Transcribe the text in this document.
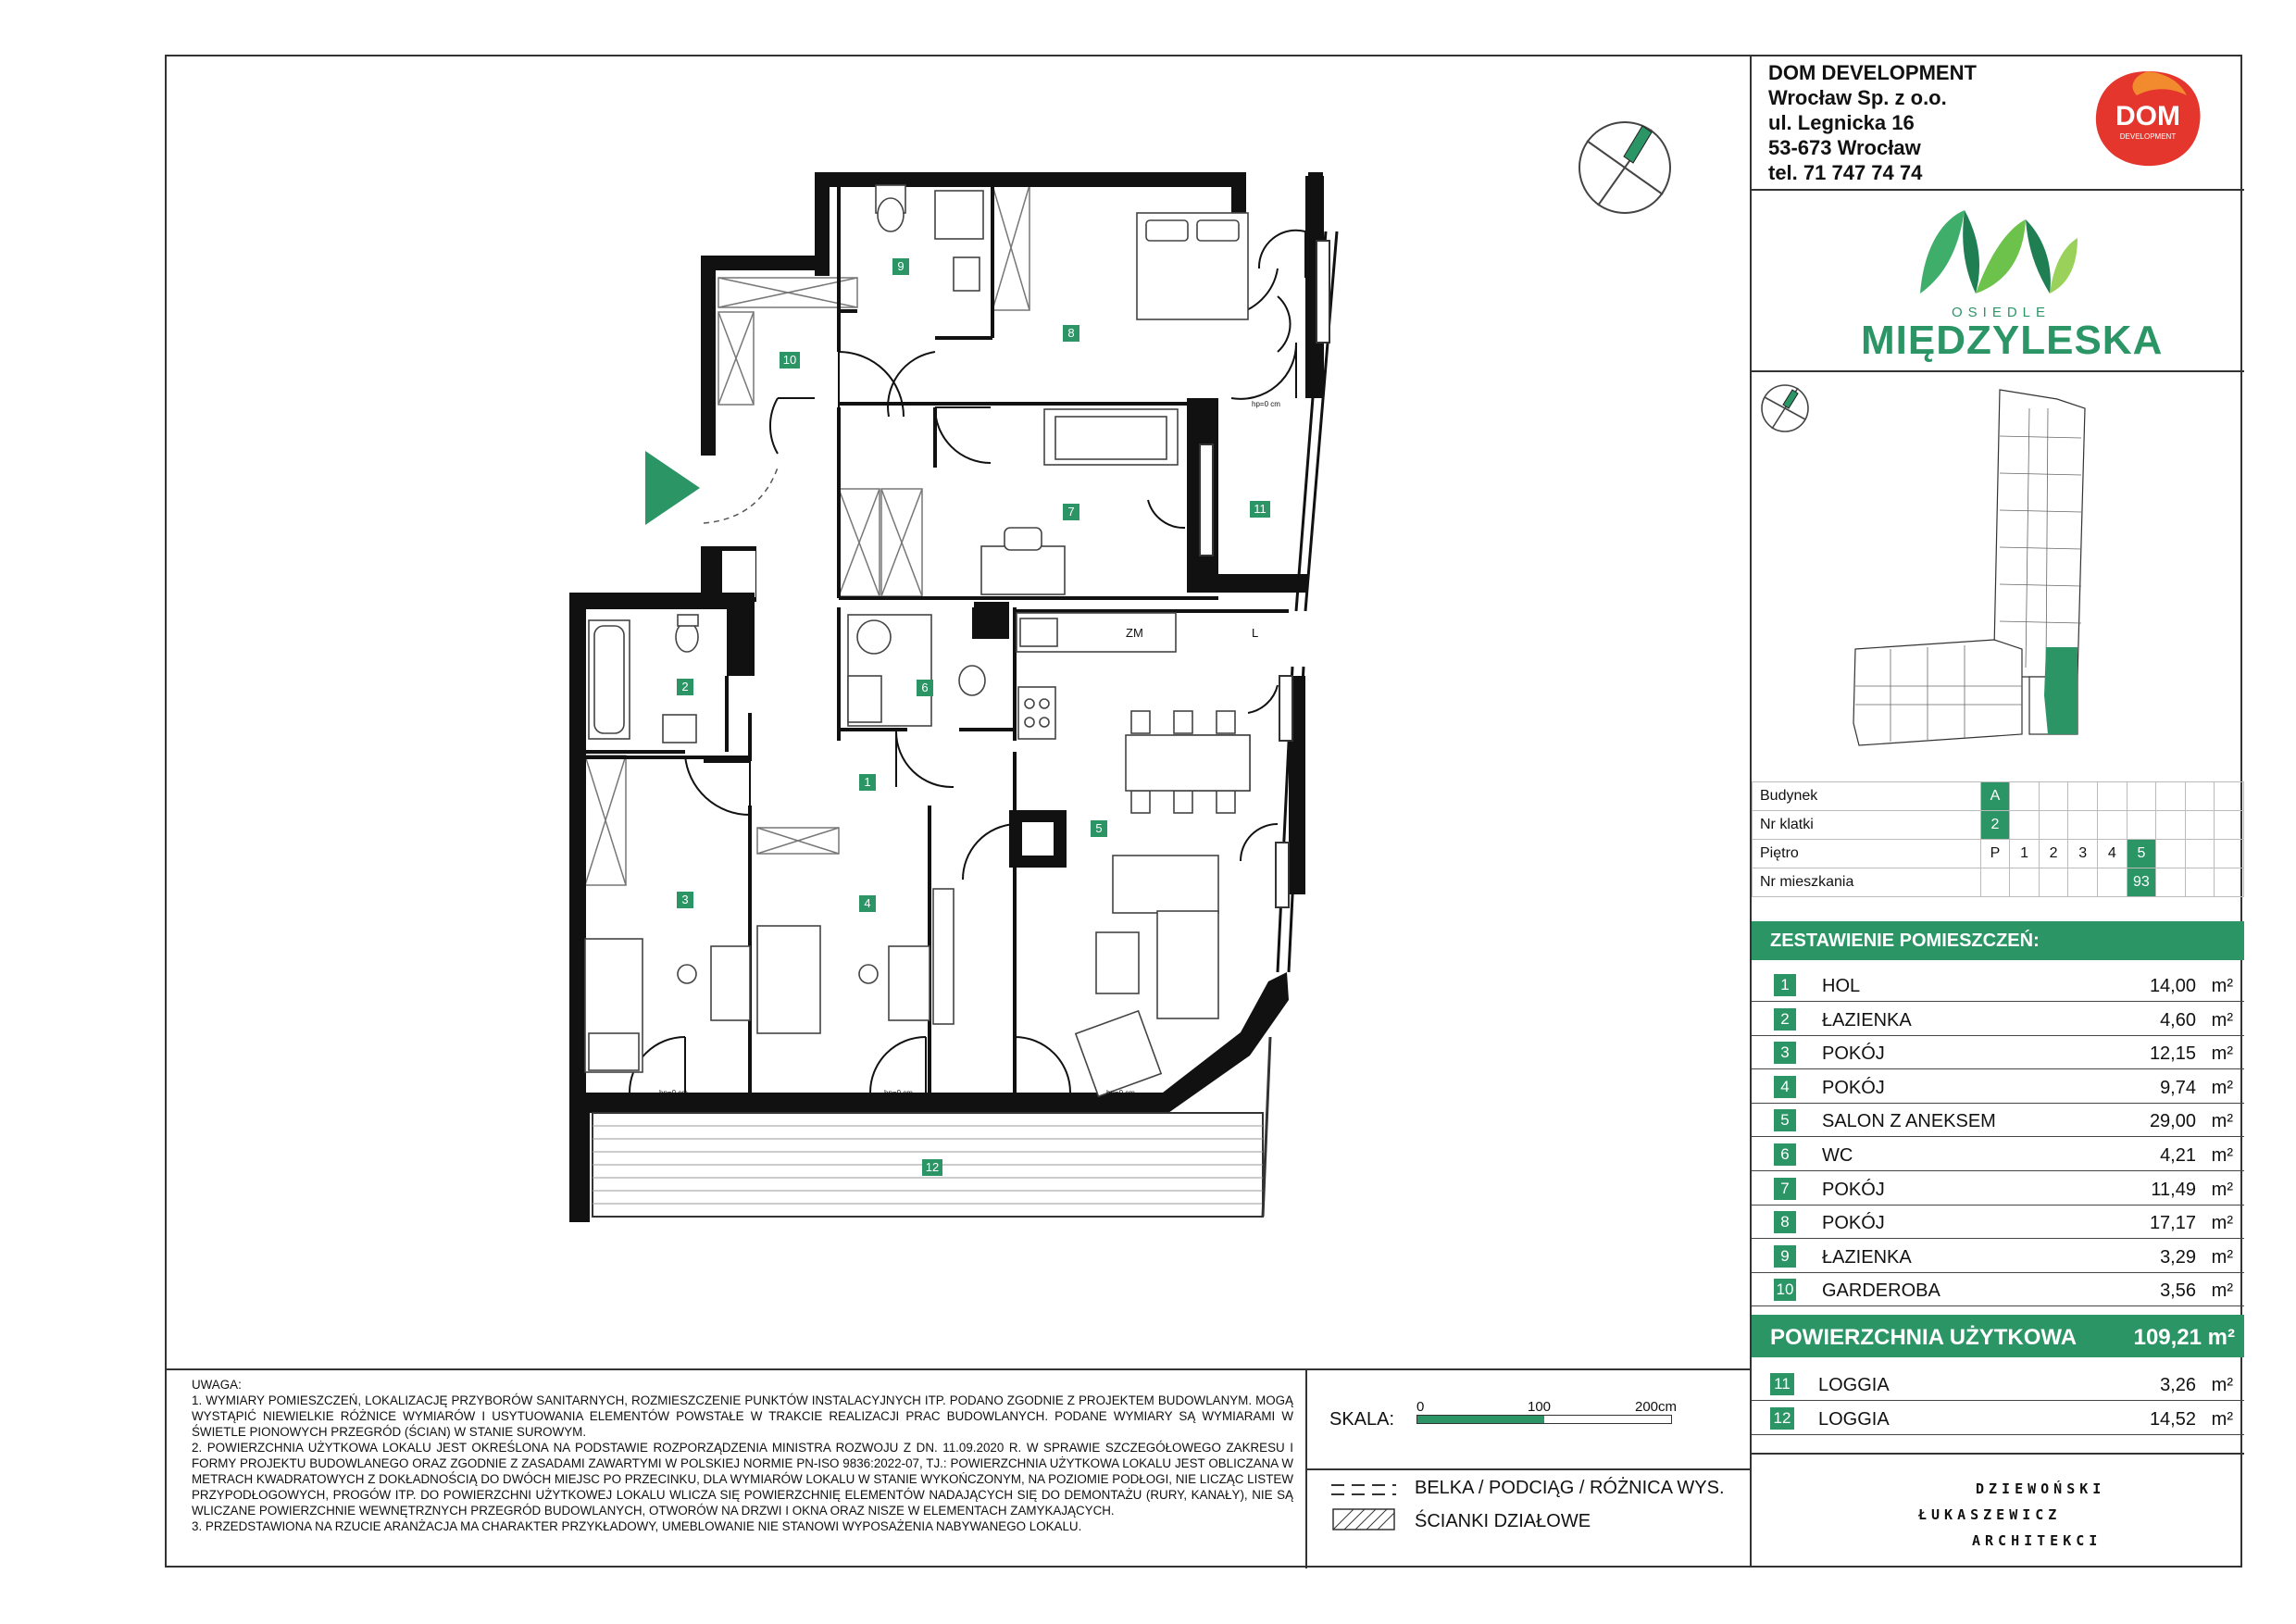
1
2
3	4
5
6
7
8
9
10
11
12
ZM	L
hp=0 cm	hp=0 cm	hp=0 cm
hp=0 cm
DOM DEVELOPMENT
Wrocław Sp. z o.o.
ul. Legnicka 16
53-673 Wrocław
tel. 71 747 74 74
DOM
DEVELOPMENT
OSIEDLE
MIĘDZYLESKA
Budynek	A								
Nr klatki	2								
Piętro	P	1	2	3	4	5			
Nr mieszkania						93			
ZESTAWIENIE POMIESZCZEŃ:
1	HOL	14,00 m²
2	ŁAZIENKA	4,60 m²
3	POKÓJ	12,15 m²
4	POKÓJ	9,74 m²
5	SALON Z ANEKSEM	29,00 m²
6	WC	4,21 m²
7	POKÓJ	11,49 m²
8	POKÓJ	17,17 m²
9	ŁAZIENKA	3,29 m²
10 GARDEROBA	3,56 m²
POWIERZCHNIA UŻYTKOWA	109,21 m²
11 LOGGIA	3,26 m²
12 LOGGIA	14,52 m²
DZIEWOŃSKI
ŁUKASZEWICZ
ARCHITEKCI

UWAGA:

1. WYMIARY POMIESZCZEŃ, LOKALIZACJĘ PRZYBORÓW SANITARNYCH, ROZMIESZCZENIE PUNKTÓW INSTALACYJNYCH ITP. PODANO ZGODNIE Z PROJEKTEM BUDOWLANYM. MOGĄ WYSTĄPIĆ NIEWIELKIE RÓŻNICE WYMIARÓW I USYTUOWANIA ELEMENTÓW POWSTAŁE W TRAKCIE REALIZACJI PRAC BUDOWLANYCH. PODANE WYMIARY SĄ WYMIARAMI W ŚWIETLE PIONOWYCH PRZEGRÓD (ŚCIAN) W STANIE SUROWYM.

2. POWIERZCHNIA UŻYTKOWA LOKALU JEST OKREŚLONA NA PODSTAWIE ROZPORZĄDZENIA MINISTRA ROZWOJU Z DN. 11.09.2020 R. W SPRAWIE SZCZEGÓŁOWEGO ZAKRESU I FORMY PROJEKTU BUDOWLANEGO ORAZ ZGODNIE Z ZASADAMI ZAWARTYMI W POLSKIEJ NORMIE PN-ISO 9836:2022-07, TJ.: POWIERZCHNIA UŻYTKOWA LOKALU JEST OBLICZANA W METRACH KWADRATOWYCH Z DOKŁADNOŚCIĄ DO DWÓCH MIEJSC PO PRZECINKU, DLA WYMIARÓW LOKALU W STANIE WYKOŃCZONYM, NA POZIOMIE PODŁOGI, NIE LICZĄC LISTEW PRZYPODŁOGOWYCH, PROGÓW ITP. DO POWIERZCHNI UŻYTKOWEJ LOKALU WLICZA SIĘ POWIERZCHNIĘ ELEMENTÓW NADAJĄCYCH SIĘ DO DEMONTAŻU (RURY, KANAŁY), NIE SĄ WLICZANE POWIERZCHNIE WEWNĘTRZNYCH PRZEGRÓD BUDOWLANYCH, OTWORÓW NA DRZWI I OKNA ORAZ NISZE W ELEMENTACH ZAMYKAJĄCYCH.

3. PRZEDSTAWIONA NA RZUCIE ARANŻACJA MA CHARAKTER PRZYKŁADOWY, UMEBLOWANIE NIE STANOWI WYPOSAŻENIA NABYWANEGO LOKALU.

SKALA:
0	100	200cm
BELKA / PODCIĄG / RÓŻNICA WYS.
ŚCIANKI DZIAŁOWE
